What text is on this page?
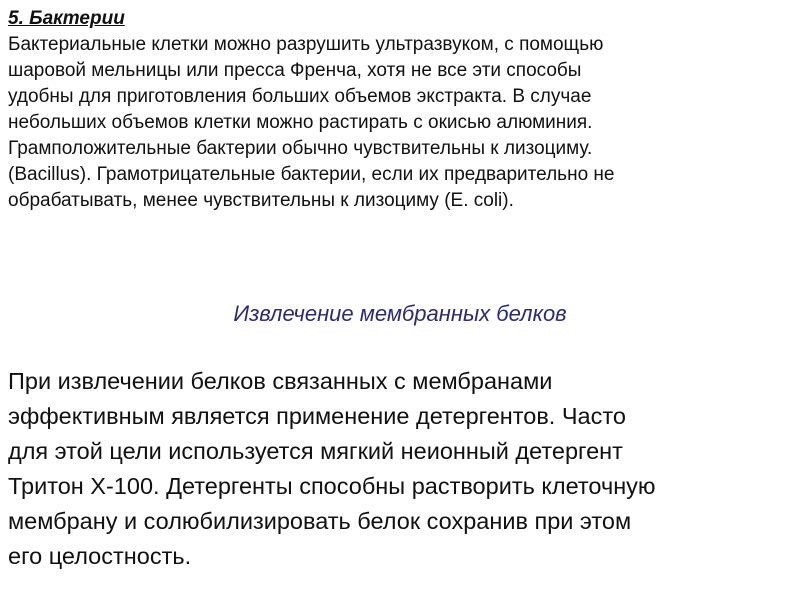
5. Бактерии

Бактериальные клетки можно разрушить ультразвуком, с помощью
шаровой мельницы или пресса Френча, хотя не все эти способы
удобны для приготовления больших объемов экстракта. В случае
небольших объемов клетки можно растирать с окисью алюминия.
Грамположительные бактерии обычно чувствительны к лизоциму.
(Bacillus). Грамотрицательные бактерии, если их предварительно не
обрабатывать, менее чувствительны к лизоциму (E. coli).

Извлечение мембранных белков

При извлечении белков связанных с мембранами
эффективным является применение детергентов. Часто
для этой цели используется мягкий неионный детергент
Тритон X-100. Детергенты способны растворить клеточную
мембрану и солюбилизировать белок сохранив при этом
его целостность.
